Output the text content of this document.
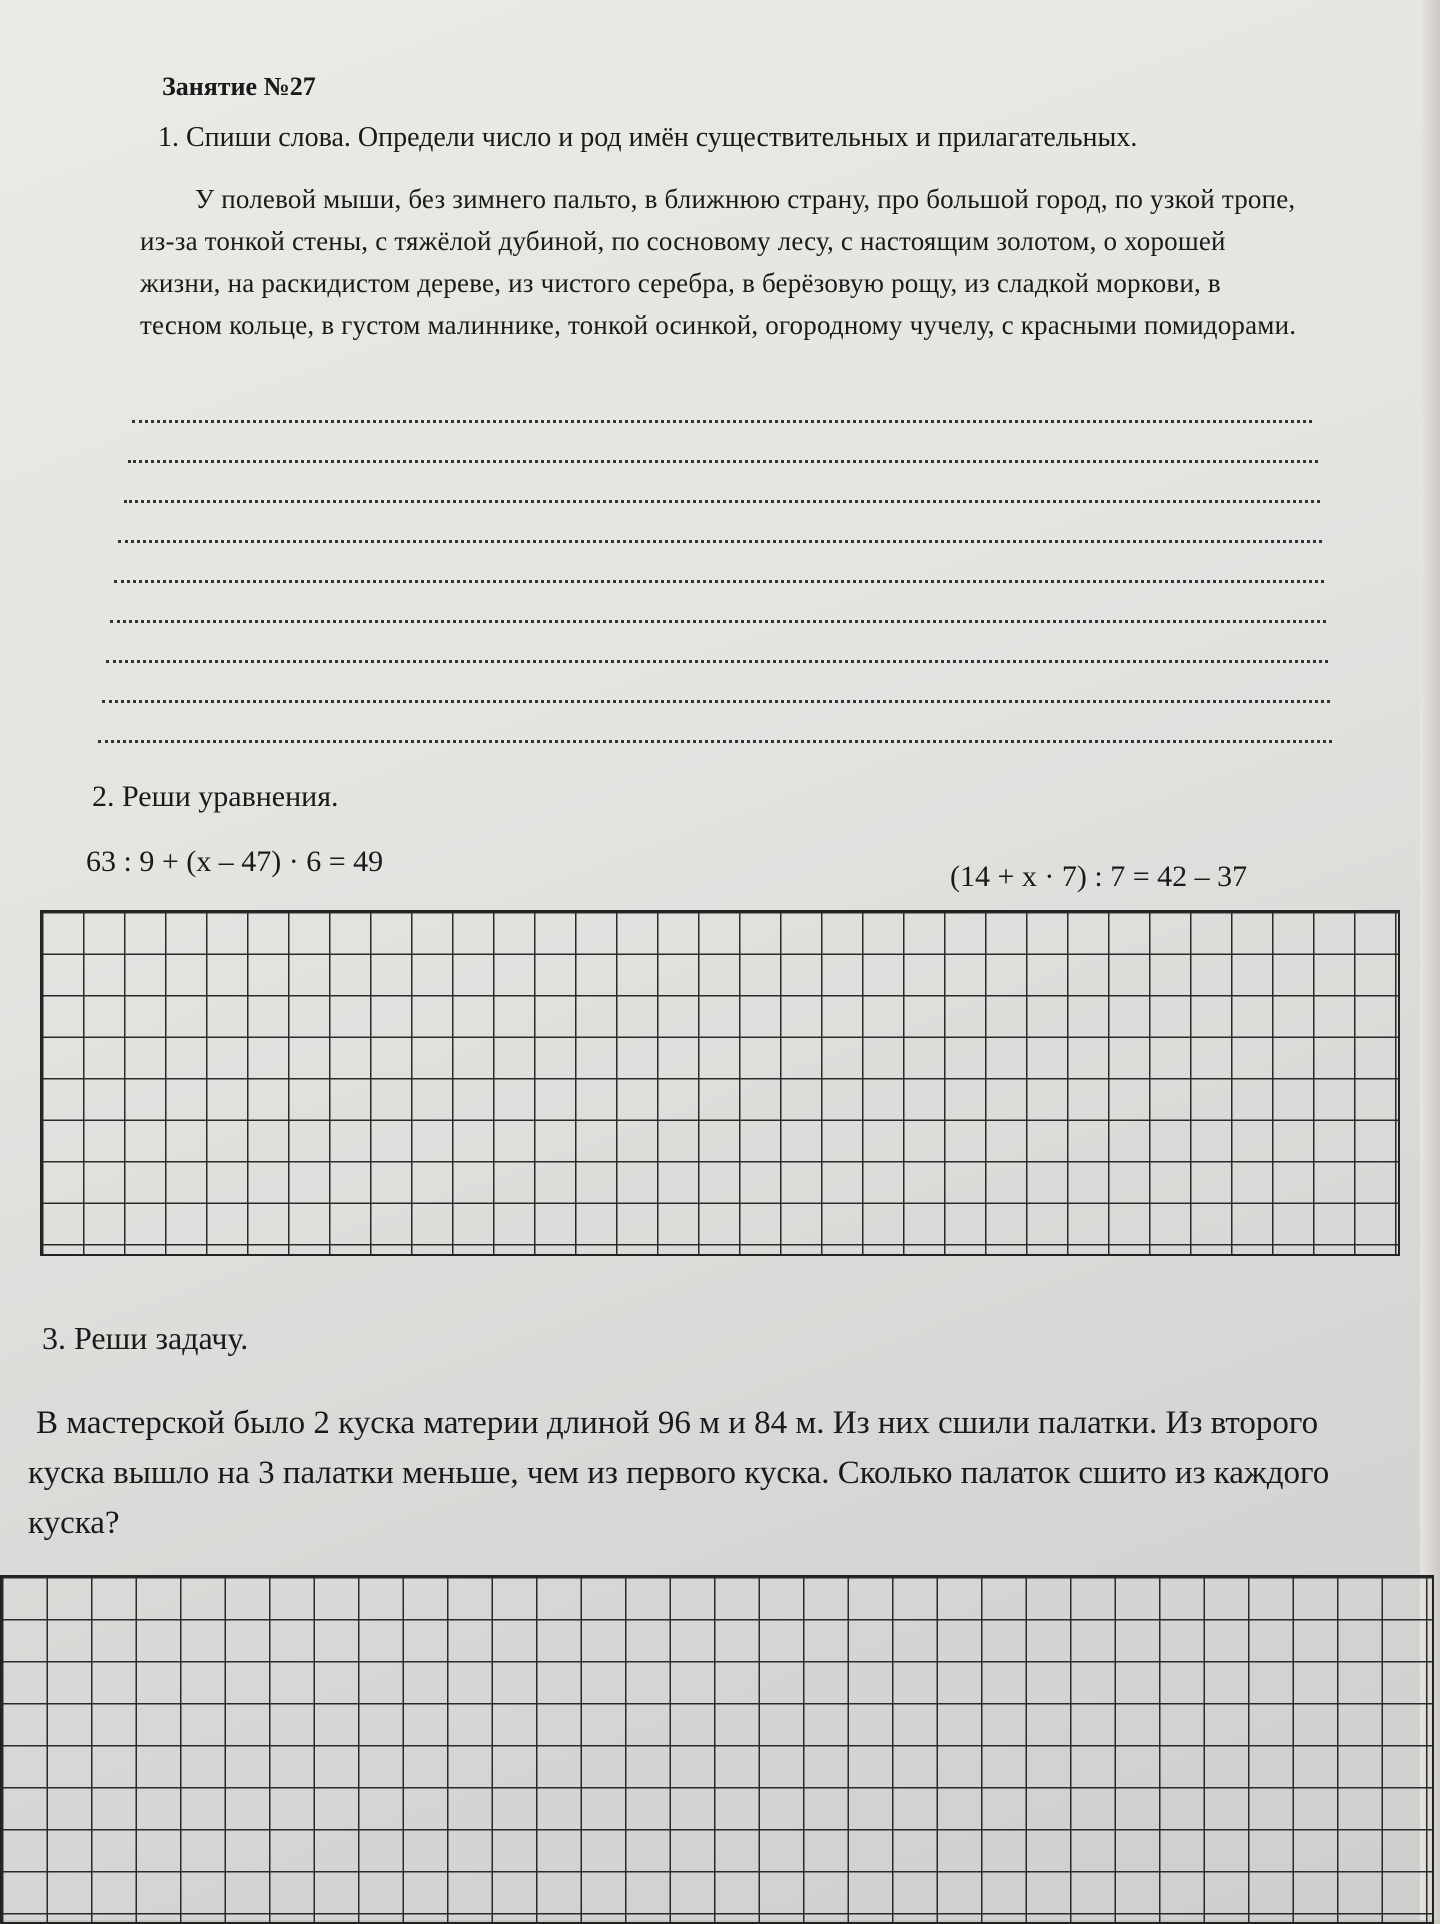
Занятие №27
1. Спиши слова. Определи число и род имён существительных и прилагательных.

У полевой мыши, без зимнего пальто, в ближнюю страну, про большой город, по узкой тропе, из-за тонкой стены, с тяжёлой дубиной, по сосновому лесу, с настоящим золотом, о хорошей жизни, на раскидистом дереве, из чистого серебра, в берёзовую рощу, из сладкой моркови, в тесном кольце, в густом малиннике, тонкой осинкой, огородному чучелу, с красными помидорами.

2. Реши уравнения.
63 : 9 + (х – 47) · 6 = 49	(14 + х · 7) : 7 = 42 – 37
3. Реши задачу.

В мастерской было 2 куска материи длиной 96 м и 84 м. Из них сшили палатки. Из второго куска вышло на 3 палатки меньше, чем из первого куска. Сколько палаток сшито из каждого куска?
